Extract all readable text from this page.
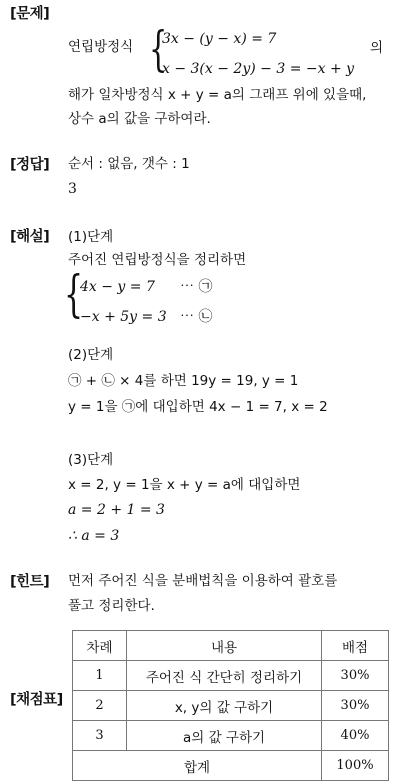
[문제]
연립방정식 {
3x − (y − x) = 7
x − 3(x − 2y) − 3 = −x + y
의
해가 일차방정식 x + y = a의 그래프 위에 있을때,
상수 a의 값을 구하여라.
[정답] 순서 : 없음, 갯수 : 1
3
[해설] (1)단계
주어진 연립방정식을 정리하면
{
4x − y = 7 ⋯ ㉠
−x + 5y = 3 ⋯ ㉡
(2)단계
㉠ + ㉡ × 4를 하면 19y = 19, y = 1
y = 1을 ㉠에 대입하면 4x − 1 = 7, x = 2
(3)단계
x = 2, y = 1을 x + y = a에 대입하면
a = 2 + 1 = 3
∴ a = 3
[힌트] 먼저 주어진 식을 분배법칙을 이용하여 괄호를
풀고 정리한다.
[채점표]
차례	내용	배점
1	주어진 식 간단히 정리하기	30%
2	x, y의 값 구하기	30%
3	a의 값 구하기	40%
합계		100%
